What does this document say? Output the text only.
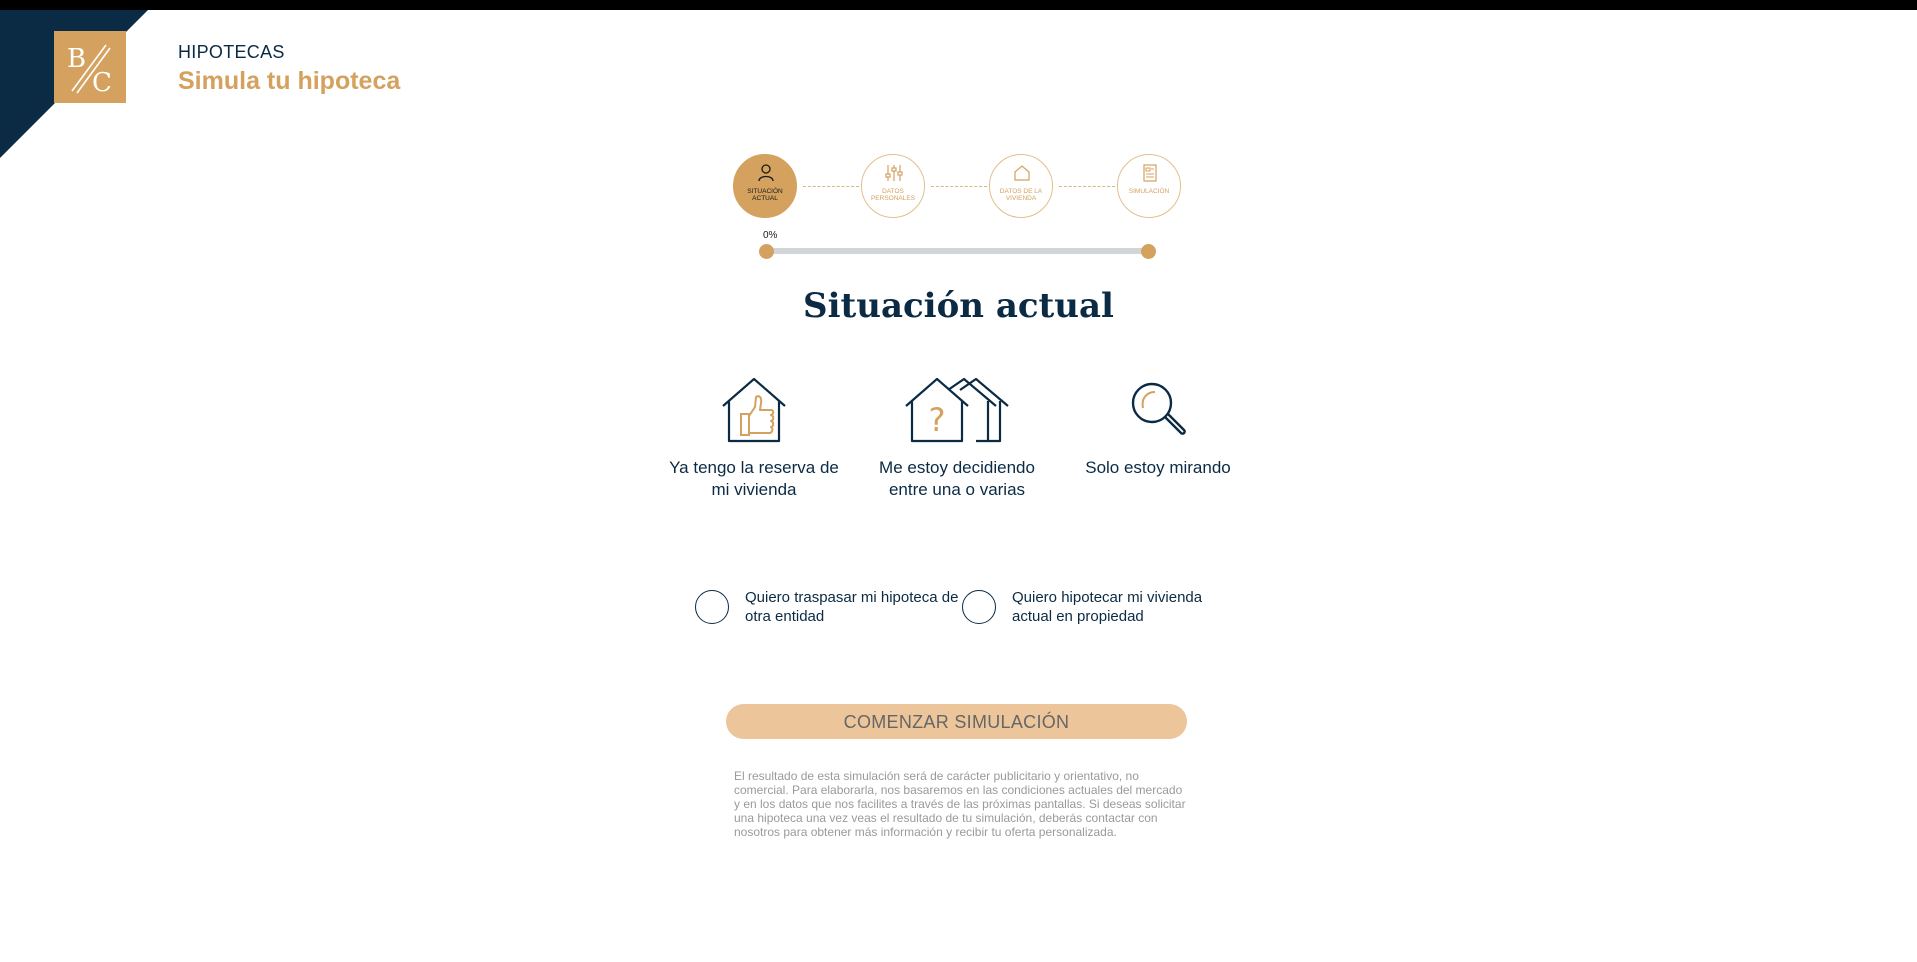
B
C
HIPOTECAS
Simula tu hipoteca
SITUACIÓN ACTUAL
DATOS PERSONALES
DATOS DE LA VIVIENDA
SIMULACIÓN
0%
Situación actual
Ya tengo la reserva de mi vivienda
?
Me estoy decidiendo entre una o varias
Solo estoy mirando
Quiero traspasar mi hipoteca de otra entidad
Quiero hipotecar mi vivienda actual en propiedad
COMENZAR SIMULACIÓN
El resultado de esta simulación será de carácter publicitario y orientativo, no comercial. Para elaborarla, nos basaremos en las condiciones actuales del mercado y en los datos que nos facilites a través de las próximas pantallas. Si deseas solicitar una hipoteca una vez veas el resultado de tu simulación, deberás contactar con nosotros para obtener más información y recibir tu oferta personalizada.
